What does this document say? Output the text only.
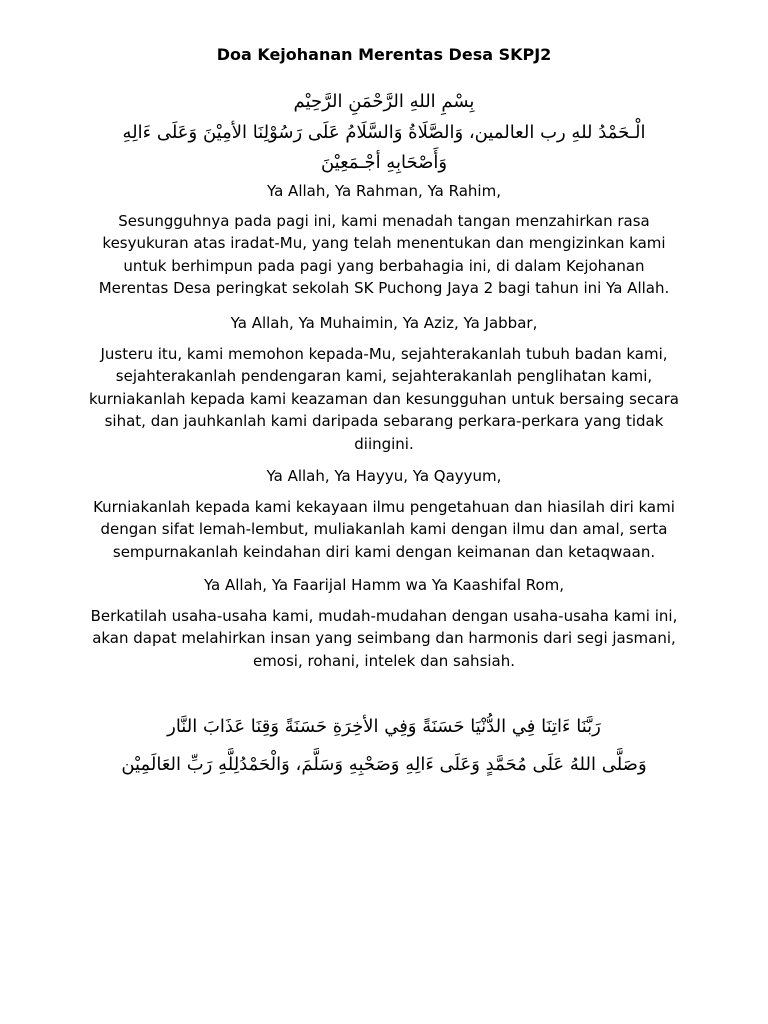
Doa Kejohanan Merentas Desa SKPJ2

بِسْمِ اللهِ الرَّحْمَنِ الرَّحِيْم

الْـحَمْدُ للهِ رب العالمين، وَالصَّلَاةُ وَالسَّلَامُ عَلَى رَسُوْلِنَا الأمِيْنَ وَعَلَى ءَالِهِ وَأَصْحَابِهِ أجْـمَعِيْنَ

Ya Allah, Ya Rahman, Ya Rahim,

Sesungguhnya pada pagi ini, kami menadah tangan menzahirkan rasa kesyukuran atas iradat-Mu, yang telah menentukan dan mengizinkan kami untuk berhimpun pada pagi yang berbahagia ini, di dalam Kejohanan Merentas Desa peringkat sekolah SK Puchong Jaya 2 bagi tahun ini Ya Allah.

Ya Allah, Ya Muhaimin, Ya Aziz, Ya Jabbar,

Justeru itu, kami memohon kepada-Mu, sejahterakanlah tubuh badan kami, sejahterakanlah pendengaran kami, sejahterakanlah penglihatan kami, kurniakanlah kepada kami keazaman dan kesungguhan untuk bersaing secara sihat, dan jauhkanlah kami daripada sebarang perkara-perkara yang tidak diingini.

Ya Allah, Ya Hayyu, Ya Qayyum,

Kurniakanlah kepada kami kekayaan ilmu pengetahuan dan hiasilah diri kami dengan sifat lemah-lembut, muliakanlah kami dengan ilmu dan amal, serta sempurnakanlah keindahan diri kami dengan keimanan dan ketaqwaan.

Ya Allah, Ya Faarijal Hamm wa Ya Kaashifal Rom,

Berkatilah usaha-usaha kami, mudah-mudahan dengan usaha-usaha kami ini, akan dapat melahirkan insan yang seimbang dan harmonis dari segi jasmani, emosi, rohani, intelek dan sahsiah.

رَبَّنَا ءَاتِنَا فِي الدُّنْيَا حَسَنَةً وَفِي الأخِرَةِ حَسَنَةً وَقِنَا عَذَابَ النَّار

وَصَلَّى اللهُ عَلَى مُحَمَّدٍ وَعَلَى ءَالِهِ وَصَحْبِهِ وَسَلَّمَ، وَالْحَمْدُلِلَّهِ رَبِّ العَالَمِيْن
